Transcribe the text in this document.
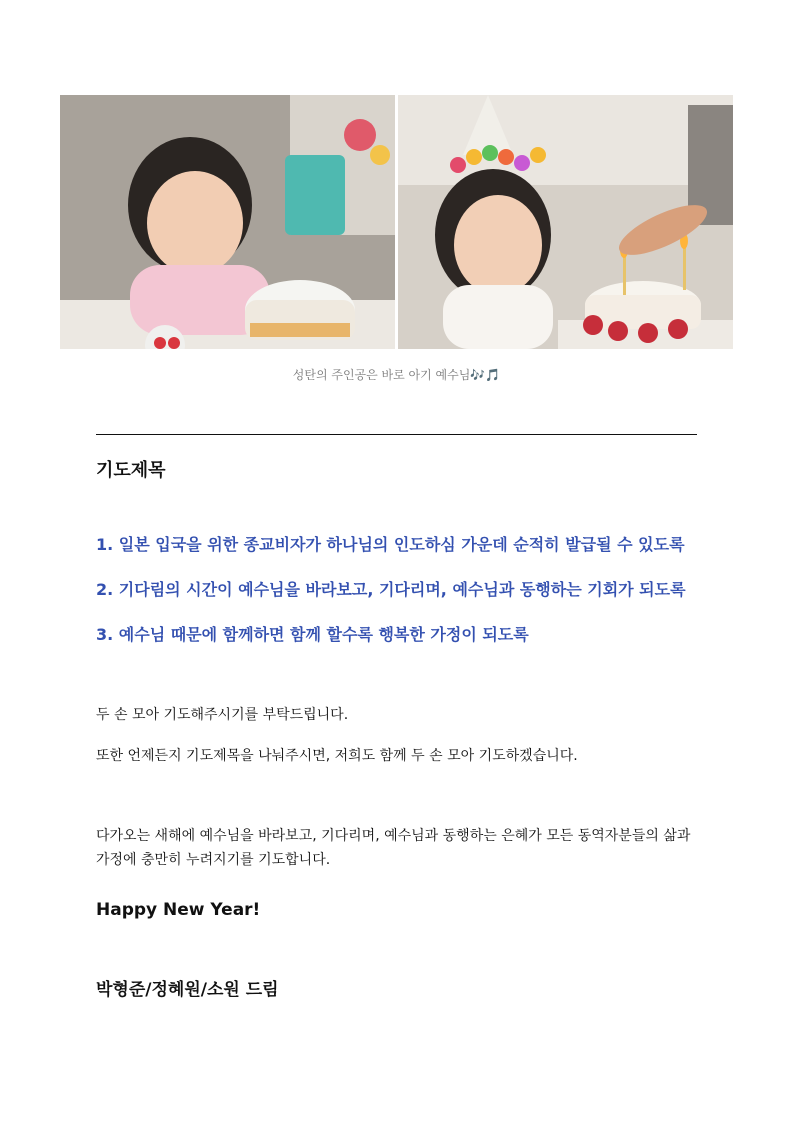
성탄의 주인공은 바로 아기 예수님🎶🎵
기도제목
1. 일본 입국을 위한 종교비자가 하나님의 인도하심 가운데 순적히 발급될 수 있도록
2. 기다림의 시간이 예수님을 바라보고, 기다리며, 예수님과 동행하는 기회가 되도록
3. 예수님 때문에 함께하면 함께 할수록 행복한 가정이 되도록
두 손 모아 기도해주시기를 부탁드립니다.
또한 언제든지 기도제목을 나눠주시면, 저희도 함께 두 손 모아 기도하겠습니다.
다가오는 새해에 예수님을 바라보고, 기다리며, 예수님과 동행하는 은혜가 모든 동역자분들의 삶과 가정에 충만히 누려지기를 기도합니다.
Happy New Year!
박형준/정혜원/소원 드림
